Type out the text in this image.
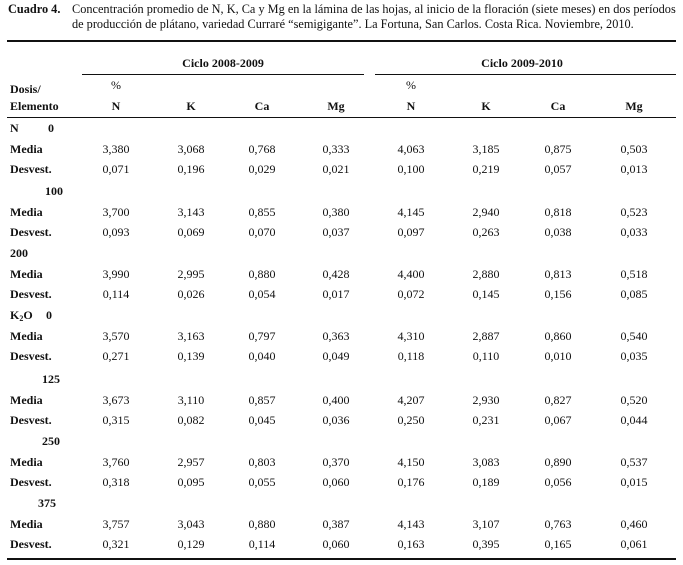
Cuadro 4. Concentración promedio de N, K, Ca y Mg en la lámina de las hojas, al inicio de la floración (siete meses) en dos períodos de producción de plátano, variedad Curraré “semigigante”. La Fortuna, San Carlos. Costa Rica. Noviembre, 2010.
Ciclo 2008-2009	Ciclo 2009-2010
%	%
Dosis/
Elemento	N	K	Ca	Mg	N	K	Ca	Mg
N 0
Media	3,380	3,068	0,768	0,333	4,063	3,185	0,875	0,503
Desvest.	0,071	0,196	0,029	0,021	0,100	0,219	0,057	0,013
100
Media	3,700	3,143	0,855	0,380	4,145	2,940	0,818	0,523
Desvest.	0,093	0,069	0,070	0,037	0,097	0,263	0,038	0,033
200
Media	3,990	2,995	0,880	0,428	4,400	2,880	0,813	0,518
Desvest.	0,114	0,026	0,054	0,017	0,072	0,145	0,156	0,085
$K_2O$ 0
Media	3,570	3,163	0,797	0,363	4,310	2,887	0,860	0,540
Desvest.	0,271	0,139	0,040	0,049	0,118	0,110	0,010	0,035
125
Media	3,673	3,110	0,857	0,400	4,207	2,930	0,827	0,520
Desvest.	0,315	0,082	0,045	0,036	0,250	0,231	0,067	0,044
250
Media	3,760	2,957	0,803	0,370	4,150	3,083	0,890	0,537
Desvest.	0,318	0,095	0,055	0,060	0,176	0,189	0,056	0,015
375
Media	3,757	3,043	0,880	0,387	4,143	3,107	0,763	0,460
Desvest.	0,321	0,129	0,114	0,060	0,163	0,395	0,165	0,061
